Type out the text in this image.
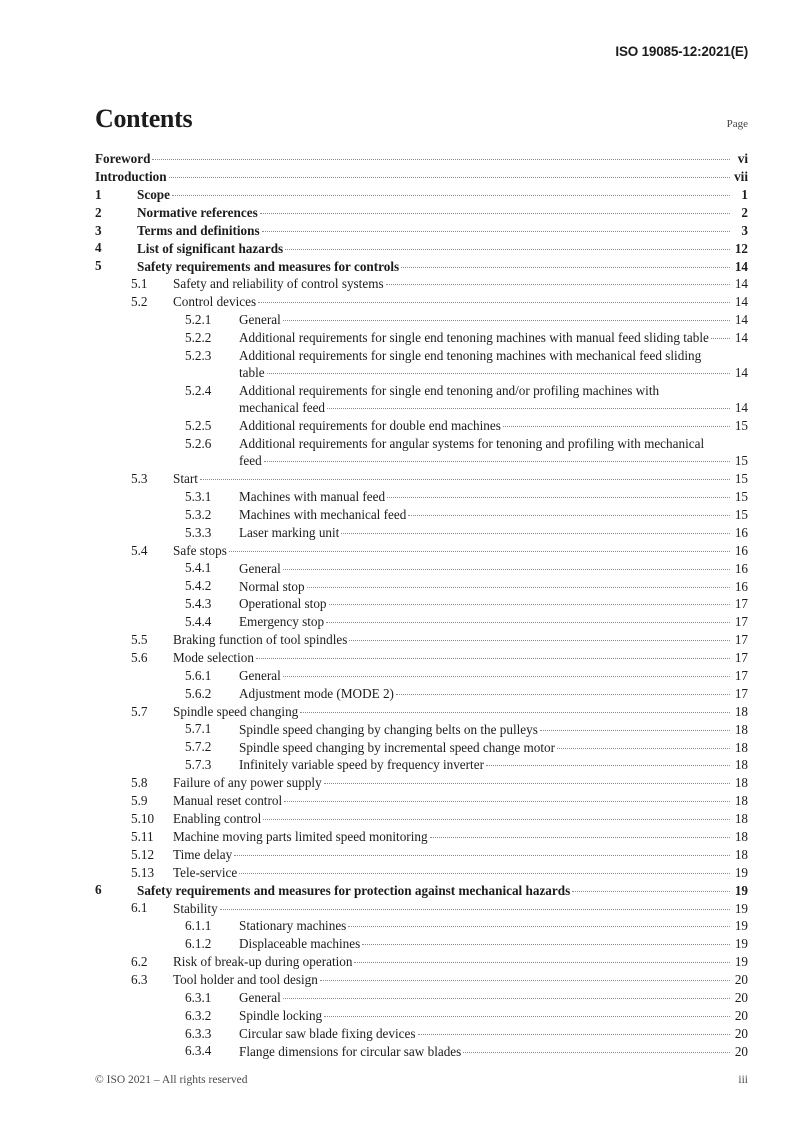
ISO 19085-12:2021(E)
Contents	Page
Foreword	vi
Introduction	vii
1	Scope	1
2	Normative references	2
3	Terms and definitions	3
4	List of significant hazards	12
5	Safety requirements and measures for controls	14
5.1	Safety and reliability of control systems	14
5.2	Control devices	14
5.2.1	General	14
5.2.2	Additional requirements for single end tenoning machines with manual feed sliding table 14
5.2.3	Additional requirements for single end tenoning machines with mechanical feed sliding
table	14
5.2.4	Additional requirements for single end tenoning and/or profiling machines with
mechanical feed	14
5.2.5	Additional requirements for double end machines	15
5.2.6	Additional requirements for angular systems for tenoning and profiling with mechanical
feed	15
5.3	Start	15
5.3.1	Machines with manual feed	15
5.3.2	Machines with mechanical feed	15
5.3.3	Laser marking unit	16
5.4	Safe stops	16
5.4.1	General	16
5.4.2	Normal stop	16
5.4.3	Operational stop	17
5.4.4	Emergency stop	17
5.5	Braking function of tool spindles	17
5.6	Mode selection	17
5.6.1	General	17
5.6.2	Adjustment mode (MODE 2)	17
5.7	Spindle speed changing	18
5.7.1	Spindle speed changing by changing belts on the pulleys	18
5.7.2	Spindle speed changing by incremental speed change motor	18
5.7.3	Infinitely variable speed by frequency inverter	18
5.8	Failure of any power supply	18
5.9	Manual reset control	18
5.10	Enabling control	18
5.11	Machine moving parts limited speed monitoring	18
5.12	Time delay	18
5.13	Tele-service	19
6	Safety requirements and measures for protection against mechanical hazards	19
6.1	Stability	19
6.1.1	Stationary machines	19
6.1.2	Displaceable machines	19
6.2	Risk of break-up during operation	19
6.3	Tool holder and tool design	20
6.3.1	General	20
6.3.2	Spindle locking	20
6.3.3	Circular saw blade fixing devices	20
6.3.4	Flange dimensions for circular saw blades	20
© ISO 2021 – All rights reserved	iii
